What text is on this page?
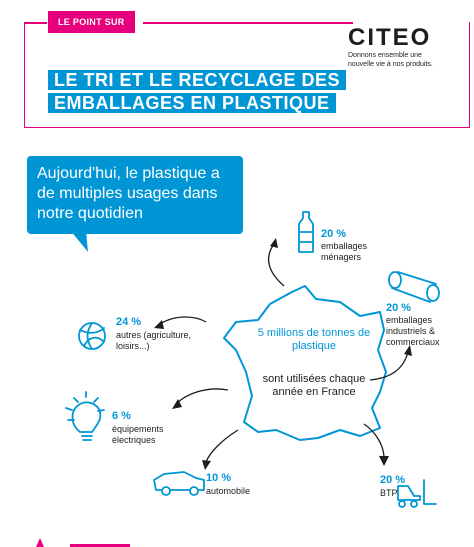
LE POINT SUR
CITEO
Donnons ensemble une nouvelle vie à nos produits.
LE TRI ET LE RECYCLAGE DES
EMBALLAGES EN PLASTIQUE
Aujourd'hui, le plastique a de multiples usages dans notre quotidien
5 millions de tonnes de plastique
sont utilisées chaque année en France
20 %
emballages ménagers
20 %
emballages industriels & commerciaux
24 %
autres (agriculture, loisirs...)
6 %
équipements électriques
10 %
automobile
20 %
BTP
